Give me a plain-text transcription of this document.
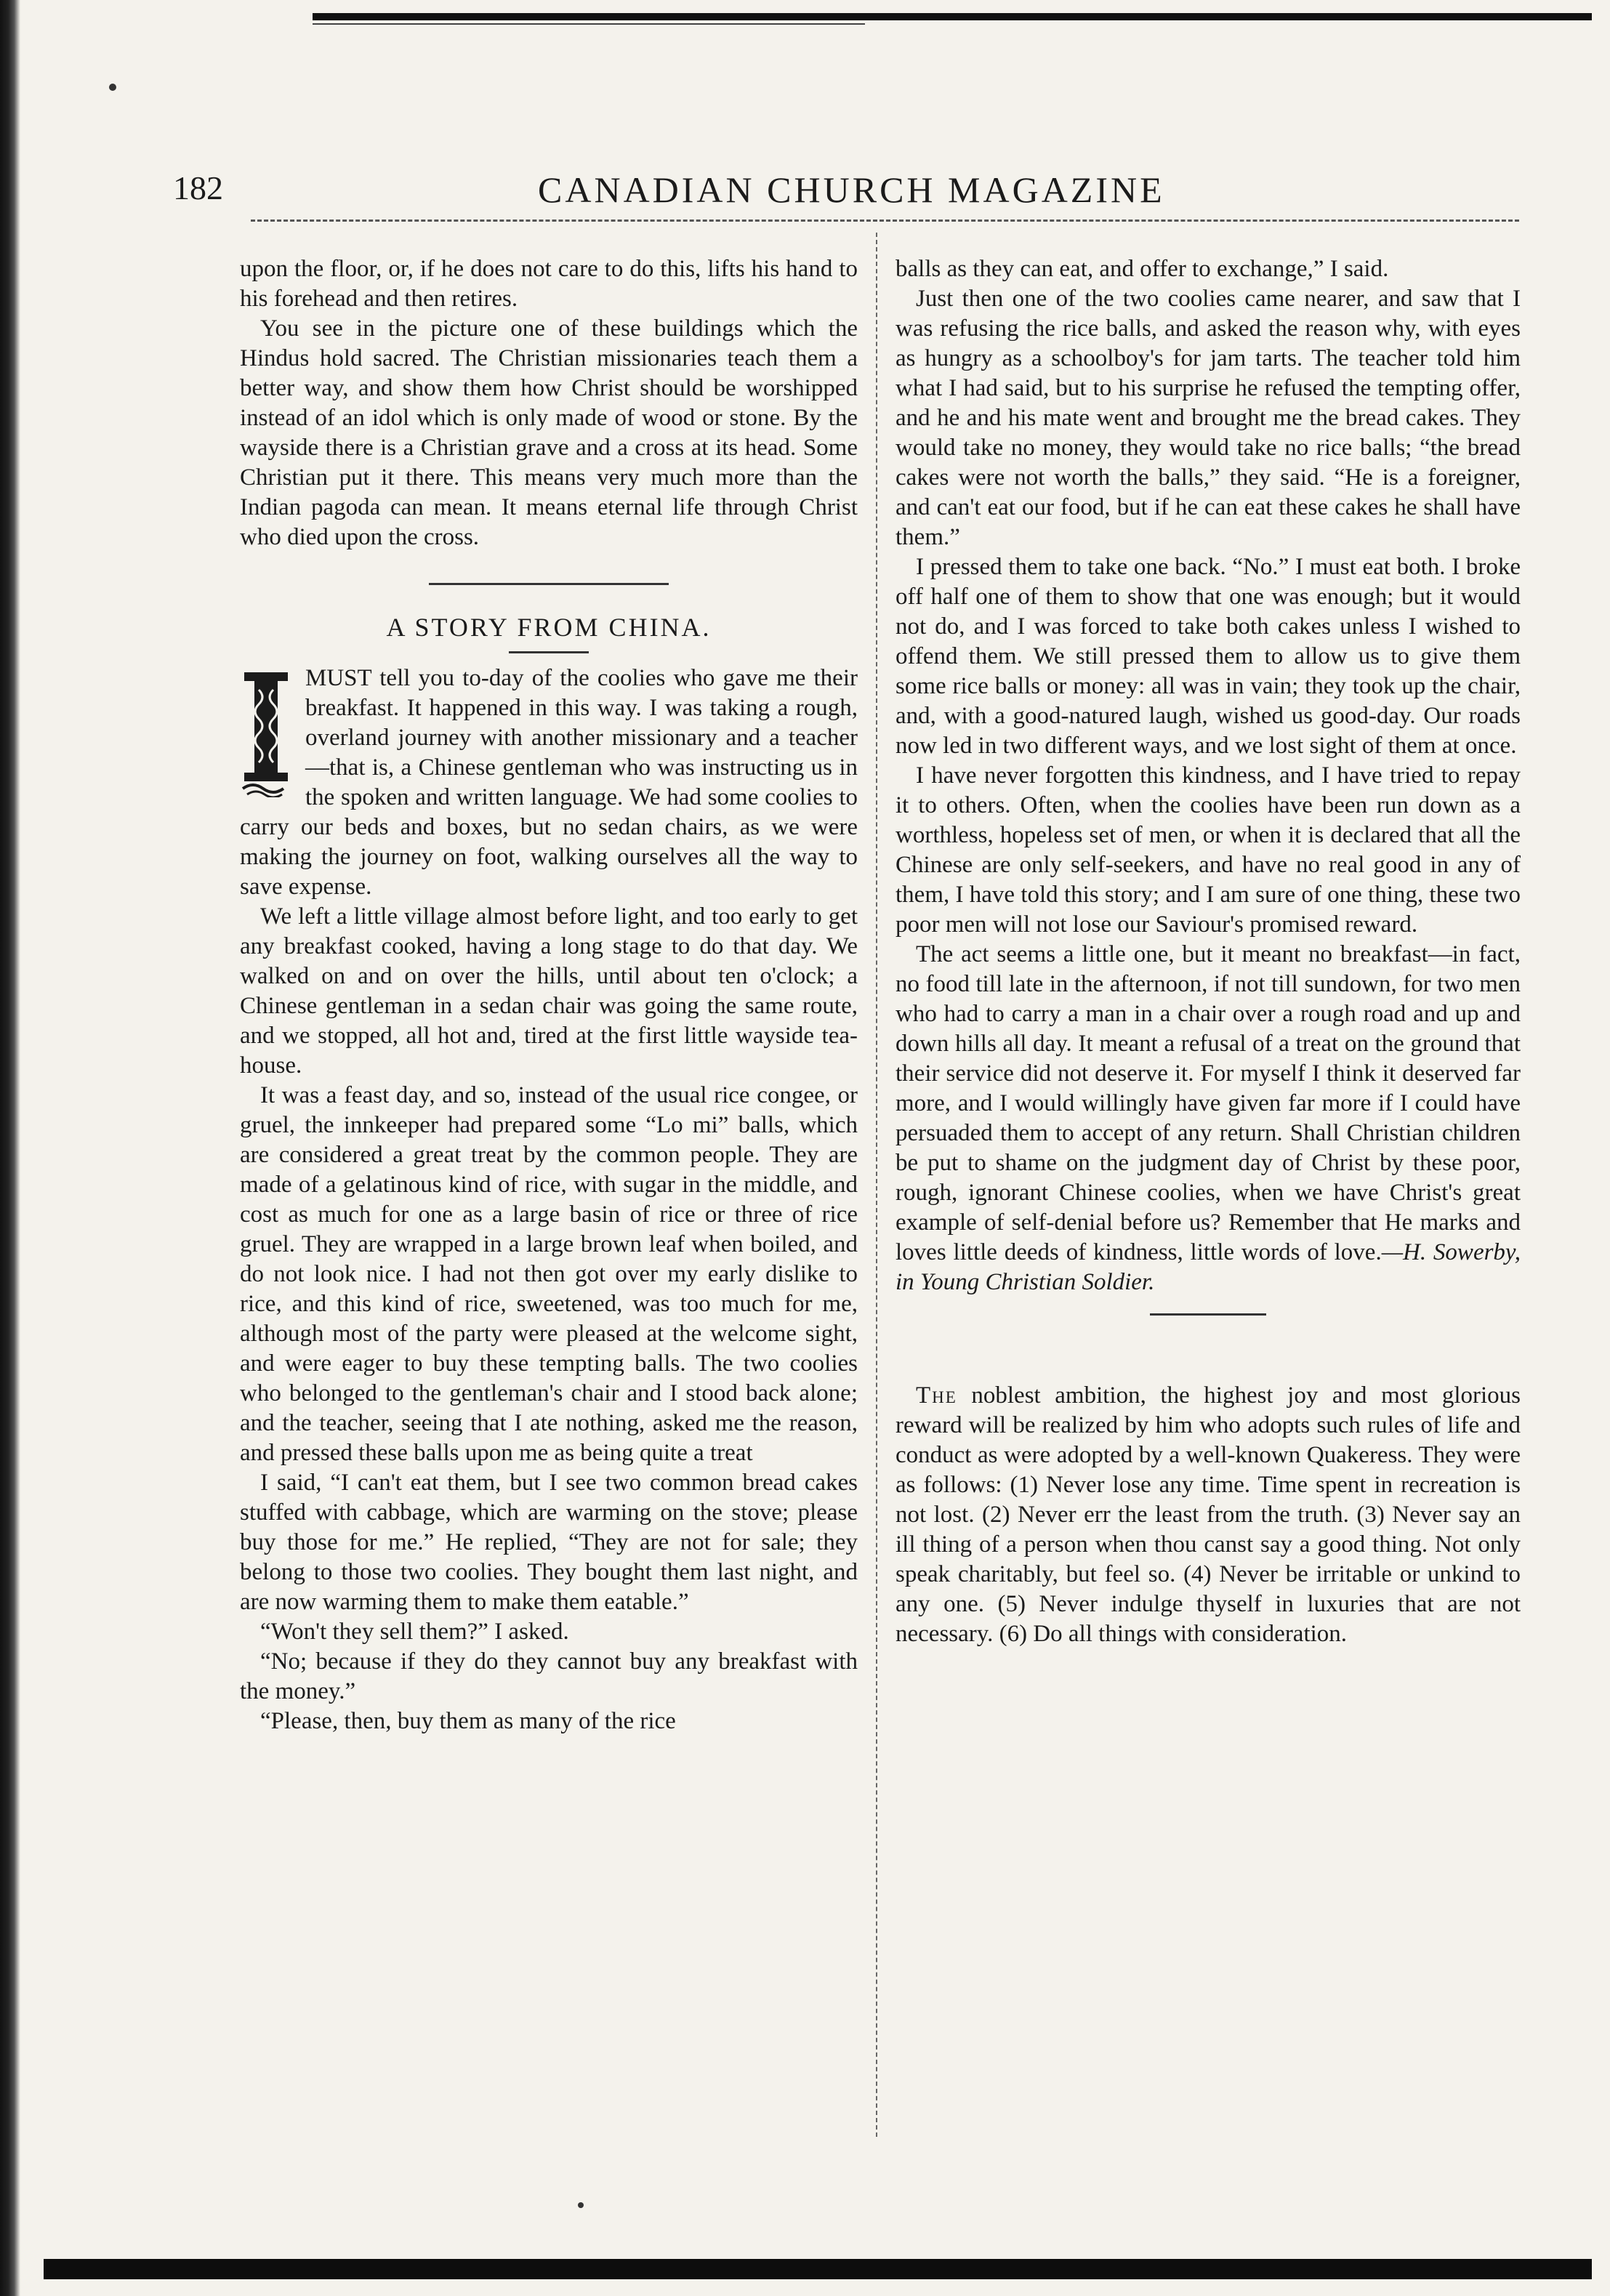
182	CANADIAN CHURCH MAGAZINE

upon the floor, or, if he does not care to do this, lifts his hand to his forehead and then retires.

You see in the picture one of these buildings which the Hindus hold sacred. The Christian missionaries teach them a better way, and show them how Christ should be worshipped instead of an idol which is only made of wood or stone. By the wayside there is a Christian grave and a cross at its head. Some Christian put it there. This means very much more than the Indian pagoda can mean. It means eternal life through Christ who died upon the cross.

A STORY FROM CHINA.

MUST tell you to-day of the coolies who gave me their breakfast. It happened in this way. I was taking a rough, overland journey with another missionary and a teacher—that is, a Chinese gentleman who was instructing us in the spoken and written language. We had some coolies to carry our beds and boxes, but no sedan chairs, as we were making the journey on foot, walking ourselves all the way to save expense.

We left a little village almost before light, and too early to get any breakfast cooked, having a long stage to do that day. We walked on and on over the hills, until about ten o'clock; a Chinese gentleman in a sedan chair was going the same route, and we stopped, all hot and, tired at the first little wayside tea-house.

It was a feast day, and so, instead of the usual rice congee, or gruel, the innkeeper had prepared some “Lo mi” balls, which are considered a great treat by the common people. They are made of a gelatinous kind of rice, with sugar in the middle, and cost as much for one as a large basin of rice or three of rice gruel. They are wrapped in a large brown leaf when boiled, and do not look nice. I had not then got over my early dislike to rice, and this kind of rice, sweetened, was too much for me, although most of the party were pleased at the welcome sight, and were eager to buy these tempting balls. The two coolies who belonged to the gentleman's chair and I stood back alone; and the teacher, seeing that I ate nothing, asked me the reason, and pressed these balls upon me as being quite a treat

I said, “I can't eat them, but I see two common bread cakes stuffed with cabbage, which are warming on the stove; please buy those for me.” He replied, “They are not for sale; they belong to those two coolies. They bought them last night, and are now warming them to make them eatable.”

“Won't they sell them?” I asked.

“No; because if they do they cannot buy any breakfast with the money.”

“Please, then, buy them as many of the rice

balls as they can eat, and offer to exchange,” I said.

Just then one of the two coolies came nearer, and saw that I was refusing the rice balls, and asked the reason why, with eyes as hungry as a schoolboy's for jam tarts. The teacher told him what I had said, but to his surprise he refused the tempting offer, and he and his mate went and brought me the bread cakes. They would take no money, they would take no rice balls; “the bread cakes were not worth the balls,” they said. “He is a foreigner, and can't eat our food, but if he can eat these cakes he shall have them.”

I pressed them to take one back. “No.” I must eat both. I broke off half one of them to show that one was enough; but it would not do, and I was forced to take both cakes unless I wished to offend them. We still pressed them to allow us to give them some rice balls or money: all was in vain; they took up the chair, and, with a good-natured laugh, wished us good-day. Our roads now led in two different ways, and we lost sight of them at once.

I have never forgotten this kindness, and I have tried to repay it to others. Often, when the coolies have been run down as a worthless, hopeless set of men, or when it is declared that all the Chinese are only self-seekers, and have no real good in any of them, I have told this story; and I am sure of one thing, these two poor men will not lose our Saviour's promised reward.

The act seems a little one, but it meant no breakfast—in fact, no food till late in the afternoon, if not till sundown, for two men who had to carry a man in a chair over a rough road and up and down hills all day. It meant a refusal of a treat on the ground that their service did not deserve it. For myself I think it deserved far more, and I would willingly have given far more if I could have persuaded them to accept of any return. Shall Christian children be put to shame on the judgment day of Christ by these poor, rough, ignorant Chinese coolies, when we have Christ's great example of self-denial before us? Remember that He marks and loves little deeds of kindness, little words of love.—H. Sowerby, in Young Christian Soldier.

The noblest ambition, the highest joy and most glorious reward will be realized by him who adopts such rules of life and conduct as were adopted by a well-known Quakeress. They were as follows: (1) Never lose any time. Time spent in recreation is not lost. (2) Never err the least from the truth. (3) Never say an ill thing of a person when thou canst say a good thing. Not only speak charitably, but feel so. (4) Never be irritable or unkind to any one. (5) Never indulge thyself in luxuries that are not necessary. (6) Do all things with consideration.
